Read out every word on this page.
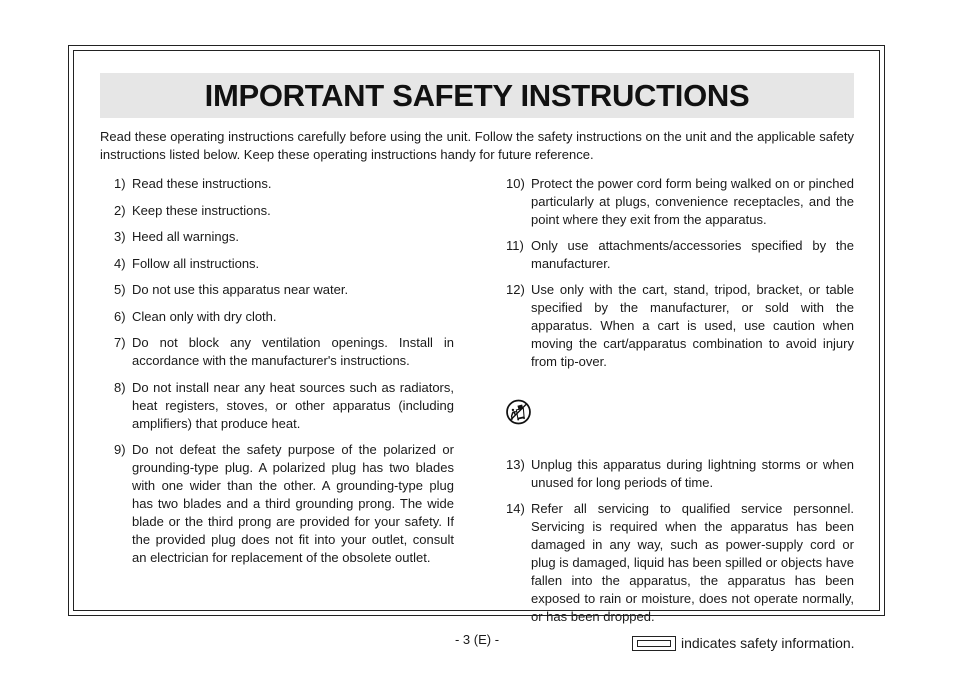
IMPORTANT SAFETY INSTRUCTIONS

Read these operating instructions carefully before using the unit. Follow the safety instructions on the unit and the applicable safety instructions listed below. Keep these operating instructions handy for future reference.

1) Read these instructions.
2) Keep these instructions.
3) Heed all warnings.
4) Follow all instructions.
5) Do not use this apparatus near water.
6) Clean only with dry cloth.
7) Do not block any ventilation openings. Install in accordance with the manufacturer's instructions.
8) Do not install near any heat sources such as radiators, heat registers, stoves, or other apparatus (including amplifiers) that produce heat.
9) Do not defeat the safety purpose of the polarized or grounding-type plug. A polarized plug has two blades with one wider than the other. A grounding-type plug has two blades and a third grounding prong. The wide blade or the third prong are provided for your safety. If the provided plug does not fit into your outlet, consult an electrician for replacement of the obsolete outlet.
10) Protect the power cord form being walked on or pinched particularly at plugs, convenience receptacles, and the point where they exit from the apparatus.
11) Only use attachments/accessories specified by the manufacturer.
12) Use only with the cart, stand, tripod, bracket, or table specified by the manufacturer, or sold with the apparatus. When a cart is used, use caution when moving the cart/apparatus combination to avoid injury from tip-over.
13) Unplug this apparatus during lightning storms or when unused for long periods of time.
14) Refer all servicing to qualified service personnel. Servicing is required when the apparatus has been damaged in any way, such as power-supply cord or plug is damaged, liquid has been spilled or objects have fallen into the apparatus, the apparatus has been exposed to rain or moisture, does not operate normally, or has been dropped.
- 3 (E) -	indicates safety information.
